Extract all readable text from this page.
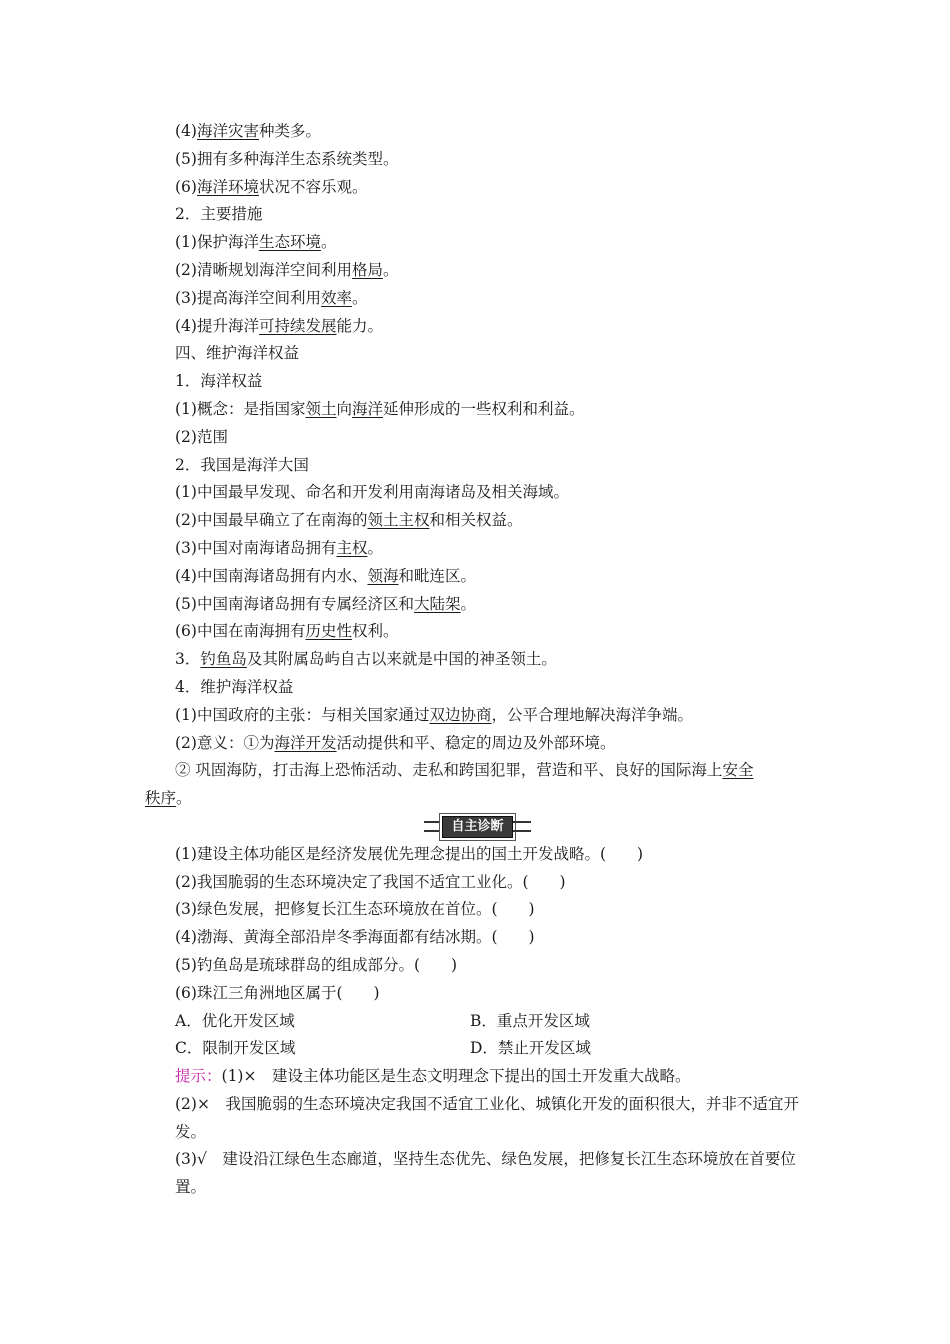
(4)海洋灾害种类多。
(5)拥有多种海洋生态系统类型。
(6)海洋环境状况不容乐观。
2．主要措施
(1)保护海洋生态环境。
(2)清晰规划海洋空间利用格局。
(3)提高海洋空间利用效率。
(4)提升海洋可持续发展能力。
四、维护海洋权益
1．海洋权益
(1)概念：是指国家领土向海洋延伸形成的一些权利和利益。
(2)范围
2．我国是海洋大国
(1)中国最早发现、命名和开发利用南海诸岛及相关海域。
(2)中国最早确立了在南海的领土主权和相关权益。
(3)中国对南海诸岛拥有主权。
(4)中国南海诸岛拥有内水、领海和毗连区。
(5)中国南海诸岛拥有专属经济区和大陆架。
(6)中国在南海拥有历史性权利。
3．钓鱼岛及其附属岛屿自古以来就是中国的神圣领土。
4．维护海洋权益
(1)中国政府的主张：与相关国家通过双边协商，公平合理地解决海洋争端。
(2)意义：①为海洋开发活动提供和平、稳定的周边及外部环境。
② 巩固海防，打击海上恐怖活动、走私和跨国犯罪，营造和平、良好的国际海上安全
秩序。
自主诊断
(1)建设主体功能区是经济发展优先理念提出的国土开发战略。(　　)
(2)我国脆弱的生态环境决定了我国不适宜工业化。(　　)
(3)绿色发展，把修复长江生态环境放在首位。(　　)
(4)渤海、黄海全部沿岸冬季海面都有结冰期。(　　)
(5)钓鱼岛是琉球群岛的组成部分。(　　)
(6)珠江三角洲地区属于(　　)
A．优化开发区域	B．重点开发区域
C．限制开发区域	D．禁止开发区域
提示：(1)×　建设主体功能区是生态文明理念下提出的国土开发重大战略。
(2)×　我国脆弱的生态环境决定我国不适宜工业化、城镇化开发的面积很大，并非不适宜开发。
(3)√　建设沿江绿色生态廊道，坚持生态优先、绿色发展，把修复长江生态环境放在首要位置。
